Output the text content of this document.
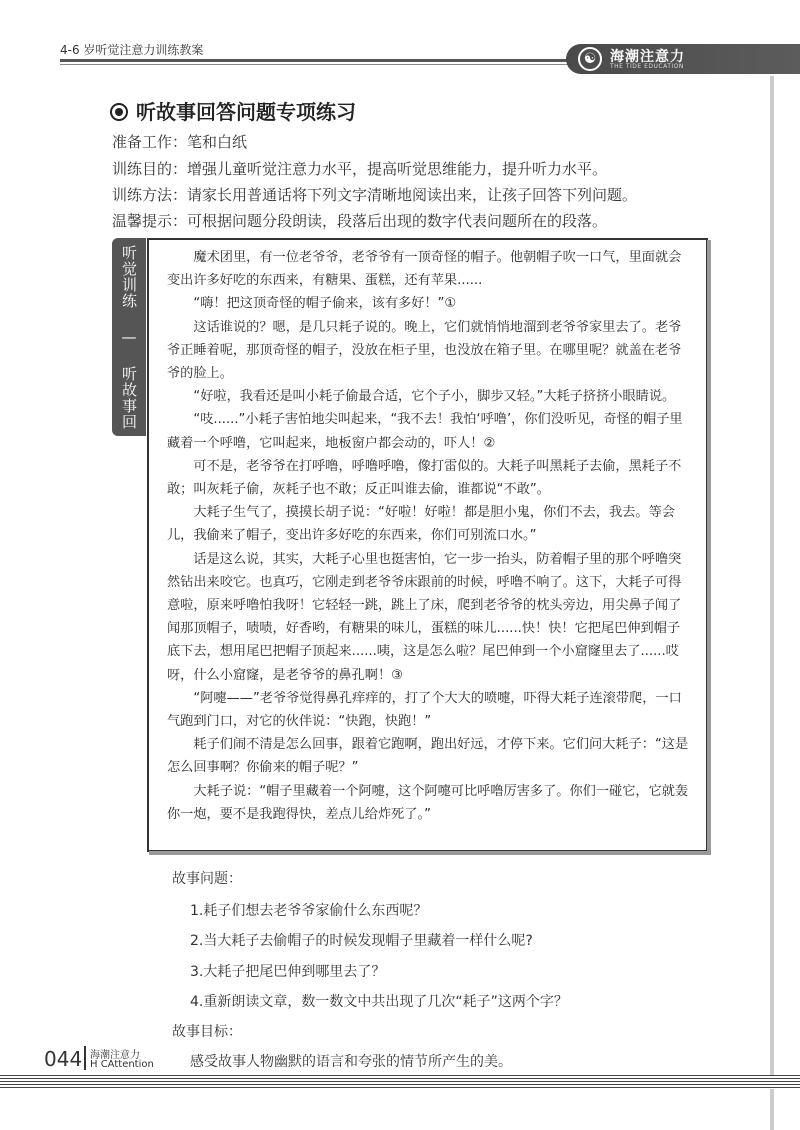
4-6 岁听觉注意力训练教案
☯ 海潮注意力
THE TIDE EDUCATION
听故事回答问题专项练习
准备工作：笔和白纸
训练目的：增强儿童听觉注意力水平，提高听觉思维能力，提升听力水平。
训练方法：请家长用普通话将下列文字清晰地阅读出来，让孩子回答下列问题。
温馨提示：可根据问题分段朗读，段落后出现的数字代表问题所在的段落。
听觉训练 — 听故事回答问题

魔术团里，有一位老爷爷，老爷爷有一顶奇怪的帽子。他朝帽子吹一口气，里面就会变出许多好吃的东西来，有糖果、蛋糕，还有苹果......

“嗨！把这顶奇怪的帽子偷来，该有多好！”①

这话谁说的？嗯，是几只耗子说的。晚上，它们就悄悄地溜到老爷爷家里去了。老爷爷正睡着呢，那顶奇怪的帽子，没放在柜子里，也没放在箱子里。在哪里呢？就盖在老爷爷的脸上。

“好啦，我看还是叫小耗子偷最合适，它个子小，脚步又轻。”大耗子挤挤小眼睛说。

“吱......”小耗子害怕地尖叫起来，“我不去！我怕‘呼噜’，你们没听见，奇怪的帽子里藏着一个呼噜，它叫起来，地板窗户都会动的，吓人！②

可不是，老爷爷在打呼噜，呼噜呼噜，像打雷似的。大耗子叫黑耗子去偷，黑耗子不敢；叫灰耗子偷，灰耗子也不敢；反正叫谁去偷，谁都说“不敢”。

大耗子生气了，摸摸长胡子说：“好啦！好啦！都是胆小鬼，你们不去，我去。等会儿，我偷来了帽子，变出许多好吃的东西来，你们可别流口水。”

话是这么说，其实，大耗子心里也挺害怕，它一步一抬头，防着帽子里的那个呼噜突然钻出来咬它。也真巧，它刚走到老爷爷床跟前的时候，呼噜不响了。这下，大耗子可得意啦，原来呼噜怕我呀！它轻轻一跳，跳上了床，爬到老爷爷的枕头旁边，用尖鼻子闻了闻那顶帽子，啧啧，好香哟，有糖果的味儿，蛋糕的味儿......快！快！它把尾巴伸到帽子底下去，想用尾巴把帽子顶起来......咦，这是怎么啦？尾巴伸到一个小窟窿里去了......哎呀，什么小窟窿，是老爷爷的鼻孔啊！③

“阿嚏——”老爷爷觉得鼻孔痒痒的，打了个大大的喷嚏，吓得大耗子连滚带爬，一口气跑到门口，对它的伙伴说：“快跑，快跑！”

耗子们闹不清是怎么回事，跟着它跑啊，跑出好远，才停下来。它们问大耗子：“这是怎么回事啊？你偷来的帽子呢？”

大耗子说：“帽子里藏着一个阿嚏，这个阿嚏可比呼噜厉害多了。你们一碰它，它就轰你一炮，要不是我跑得快，差点儿给炸死了。”

故事问题：
1.耗子们想去老爷爷家偷什么东西呢？
2.当大耗子去偷帽子的时候发现帽子里藏着一样什么呢?
3.大耗子把尾巴伸到哪里去了？
4.重新朗读文章，数一数文中共出现了几次“耗子”这两个字？
故事目标：
感受故事人物幽默的语言和夸张的情节所产生的美。
044 海潮注意力
H CAttention
